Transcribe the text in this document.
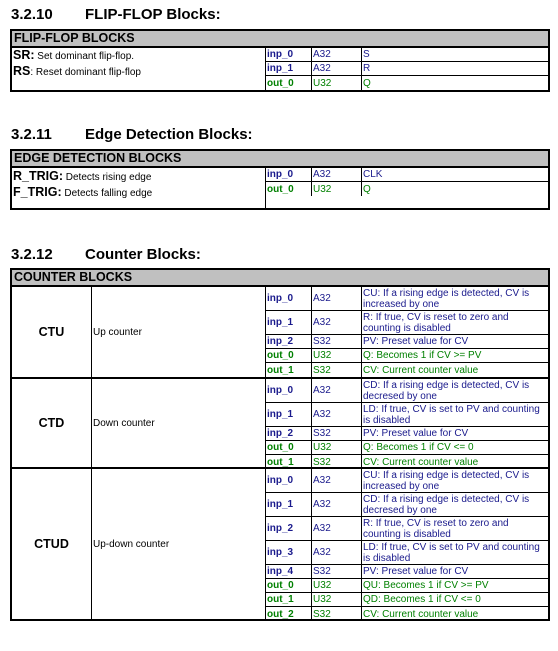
3.2.10 FLIP-FLOP Blocks:
FLIP-FLOP BLOCKS
SR: Set dominant flip-flop.
RS: Reset dominant flip-flop
inp_0	A32	S
inp_1	A32	R
out_0	U32	Q
3.2.11 Edge Detection Blocks:
EDGE DETECTION BLOCKS
R_TRIG: Detects rising edge
F_TRIG: Detects falling edge
inp_0	A32	CLK
out_0	U32	Q
3.2.12 Counter Blocks:
COUNTER BLOCKS
CTU	Up counter
inp_0	A32	CU: If a rising edge is detected, CV is increased by one
inp_1	A32	R: If true, CV is reset to zero and counting is disabled
inp_2	S32	PV: Preset value for CV
out_0	U32	Q: Becomes 1 if CV >= PV
out_1	S32	CV: Current counter value
CTD	Down counter
inp_0	A32	CD: If a rising edge is detected, CV is decresed by one
inp_1	A32	LD: If true, CV is set to PV and counting is disabled
inp_2	S32	PV: Preset value for CV
out_0	U32	Q: Becomes 1 if CV <= 0
out_1	S32	CV: Current counter value
CTUD	Up-down counter
inp_0	A32	CU: If a rising edge is detected, CV is increased by one
inp_1	A32	CD: If a rising edge is detected, CV is decresed by one
inp_2	A32	R: If true, CV is reset to zero and counting is disabled
inp_3	A32	LD: If true, CV is set to PV and counting is disabled
inp_4	S32	PV: Preset value for CV
out_0	U32	QU: Becomes 1 if CV >= PV
out_1	U32	QD: Becomes 1 if CV <= 0
out_2	S32	CV: Current counter value
